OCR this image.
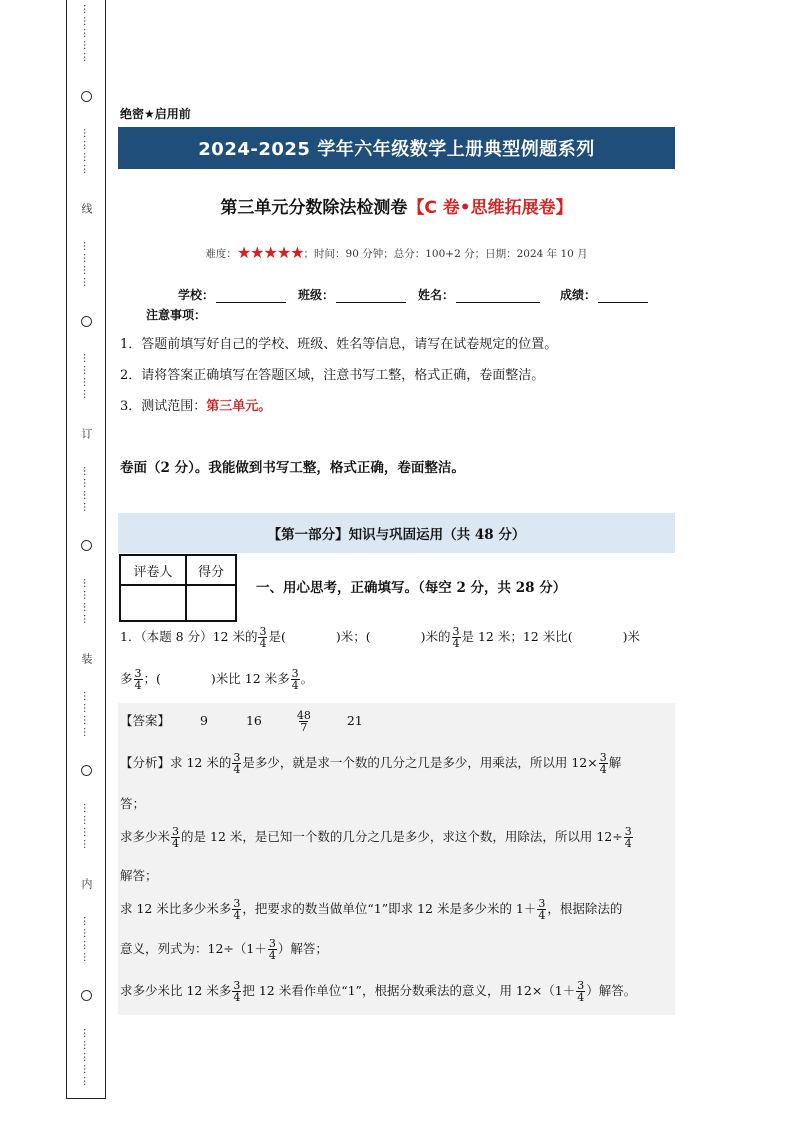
……………
…………
线
…………
…………
订
…………
…………
装
…………
…………
内
…………
……………
绝密★启用前
2024-2025 学年六年级数学上册典型例题系列
第三单元分数除法检测卷【C 卷•思维拓展卷】
难度：★★★★★；时间：90 分钟；总分：100+2 分；日期：2024 年 10 月
学校：	班级：	姓名：	成绩：
注意事项：
1．答题前填写好自己的学校、班级、姓名等信息，请写在试卷规定的位置。
2．请将答案正确填写在答题区域，注意书写工整，格式正确，卷面整洁。
3．测试范围：第三单元。
卷面（2 分）。我能做到书写工整，格式正确，卷面整洁。
【第一部分】知识与巩固运用（共 48 分）
评卷人	得分

一、用心思考，正确填写。（每空 2 分，共 28 分）
1．（本题 8 分）12 米的 $\frac{3}{4}$ 是(　　　　)米；(　　　　)米的 $\frac{3}{4}$ 是 12 米；12 米比(　　　　)米
多 $\frac{3}{4}$ ；(　　　　)米比 12 米多 $\frac{3}{4}$ 。
【答案】 9	16	$\frac{48}{7}$	21
【分析】求 12 米的 $\frac{3}{4}$ 是多少，就是求一个数的几分之几是多少，用乘法，所以用 $12\times \frac{3}{4}$ 解
答；
求多少米 $\frac{3}{4}$ 的是 12 米，是已知一个数的几分之几是多少，求这个数，用除法，所以用 $12\div \frac{3}{4}$
解答；
求 12 米比多少米多 $\frac{3}{4}$ ，把要求的数当做单位“1”即求 12 米是多少米的 $1+ \frac{3}{4}$ ，根据除法的
意义，列式为：$12\div(1+ \frac{3}{4}$ ）解答；
求多少米比 12 米多 $\frac{3}{4}$ 把 12 米看作单位“1”，根据分数乘法的意义，用 $12\times(1+ \frac{3}{4}$ ）解答。
